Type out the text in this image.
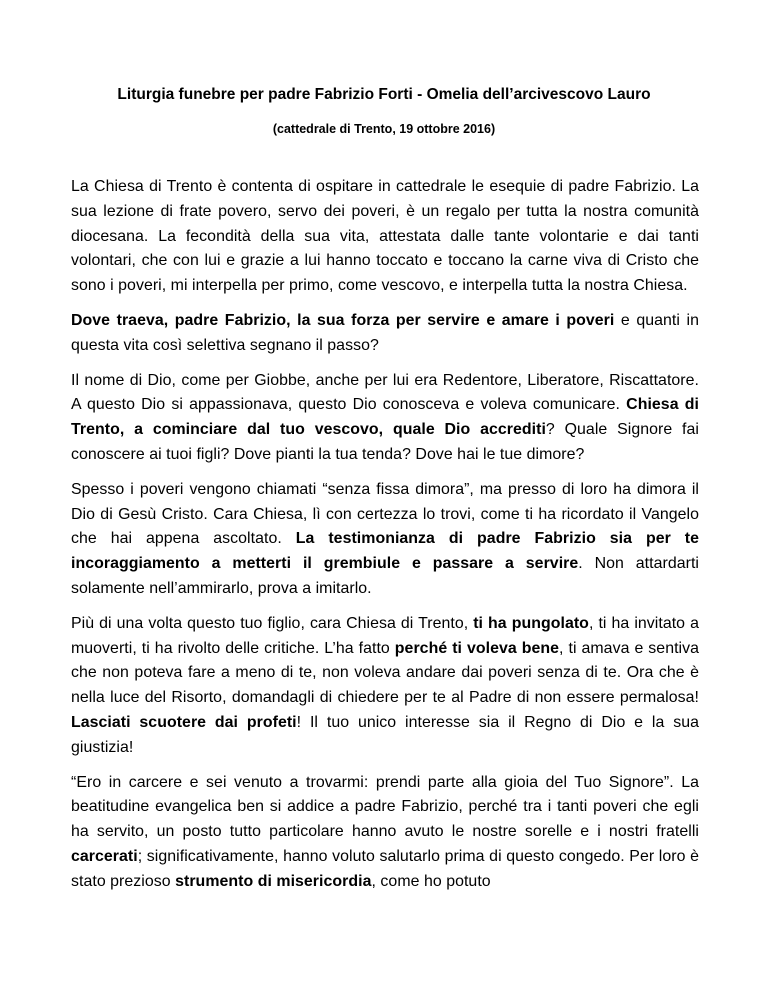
Liturgia funebre per padre Fabrizio Forti - Omelia dell’arcivescovo Lauro
(cattedrale di Trento, 19 ottobre 2016)

La Chiesa di Trento è contenta di ospitare in cattedrale le esequie di padre Fabrizio. La sua lezione di frate povero, servo dei poveri, è un regalo per tutta la nostra comunità diocesana. La fecondità della sua vita, attestata dalle tante volontarie e dai tanti volontari, che con lui e grazie a lui hanno toccato e toccano la carne viva di Cristo che sono i poveri, mi interpella per primo, come vescovo, e interpella tutta la nostra Chiesa.

Dove traeva, padre Fabrizio, la sua forza per servire e amare i poveri e quanti in questa vita così selettiva segnano il passo?

Il nome di Dio, come per Giobbe, anche per lui era Redentore, Liberatore, Riscattatore. A questo Dio si appassionava, questo Dio conosceva e voleva comunicare. Chiesa di Trento, a cominciare dal tuo vescovo, quale Dio accrediti? Quale Signore fai conoscere ai tuoi figli? Dove pianti la tua tenda? Dove hai le tue dimore?

Spesso i poveri vengono chiamati “senza fissa dimora”, ma presso di loro ha dimora il Dio di Gesù Cristo. Cara Chiesa, lì con certezza lo trovi, come ti ha ricordato il Vangelo che hai appena ascoltato. La testimonianza di padre Fabrizio sia per te incoraggiamento a metterti il grembiule e passare a servire. Non attardarti solamente nell’ammirarlo, prova a imitarlo.

Più di una volta questo tuo figlio, cara Chiesa di Trento, ti ha pungolato, ti ha invitato a muoverti, ti ha rivolto delle critiche. L’ha fatto perché ti voleva bene, ti amava e sentiva che non poteva fare a meno di te, non voleva andare dai poveri senza di te. Ora che è nella luce del Risorto, domandagli di chiedere per te al Padre di non essere permalosa! Lasciati scuotere dai profeti! Il tuo unico interesse sia il Regno di Dio e la sua giustizia!

“Ero in carcere e sei venuto a trovarmi: prendi parte alla gioia del Tuo Signore”. La beatitudine evangelica ben si addice a padre Fabrizio, perché tra i tanti poveri che egli ha servito, un posto tutto particolare hanno avuto le nostre sorelle e i nostri fratelli carcerati; significativamente, hanno voluto salutarlo prima di questo congedo. Per loro è stato prezioso strumento di misericordia, come ho potuto
